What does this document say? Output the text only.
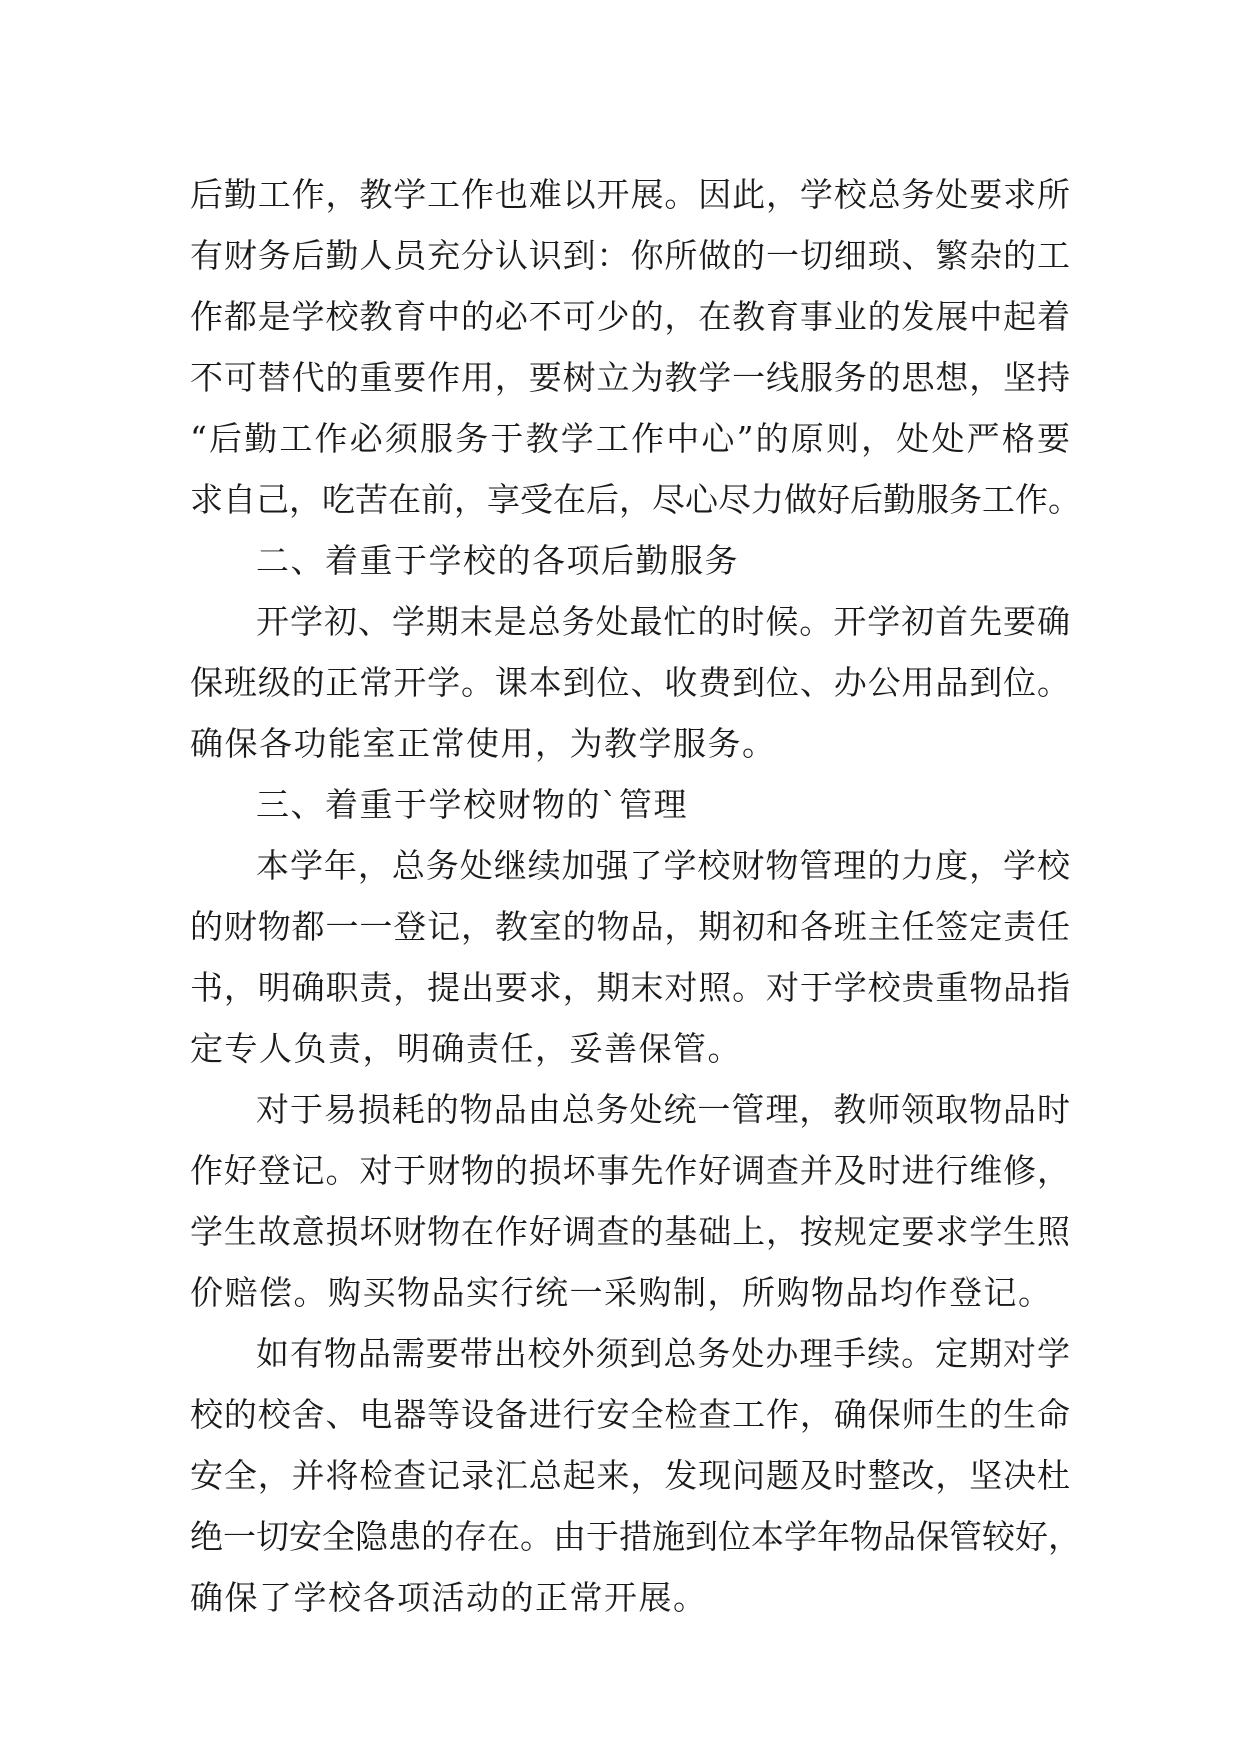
后勤工作，教学工作也难以开展。因此，学校总务处要求所
有财务后勤人员充分认识到：你所做的一切细琐、繁杂的工
作都是学校教育中的必不可少的，在教育事业的发展中起着
不可替代的重要作用，要树立为教学一线服务的思想，坚持
“后勤工作必须服务于教学工作中心”的原则，处处严格要
求自己，吃苦在前，享受在后，尽心尽力做好后勤服务工作。
二、着重于学校的各项后勤服务
开学初、学期末是总务处最忙的时候。开学初首先要确
保班级的正常开学。课本到位、收费到位、办公用品到位。
确保各功能室正常使用，为教学服务。
三、着重于学校财物的`管理
本学年，总务处继续加强了学校财物管理的力度，学校
的财物都一一登记，教室的物品，期初和各班主任签定责任
书，明确职责，提出要求，期末对照。对于学校贵重物品指
定专人负责，明确责任，妥善保管。
对于易损耗的物品由总务处统一管理，教师领取物品时
作好登记。对于财物的损坏事先作好调查并及时进行维修，
学生故意损坏财物在作好调查的基础上，按规定要求学生照
价赔偿。购买物品实行统一采购制，所购物品均作登记。
如有物品需要带出校外须到总务处办理手续。定期对学
校的校舍、电器等设备进行安全检查工作，确保师生的生命
安全，并将检查记录汇总起来，发现问题及时整改，坚决杜
绝一切安全隐患的存在。由于措施到位本学年物品保管较好，
确保了学校各项活动的正常开展。
